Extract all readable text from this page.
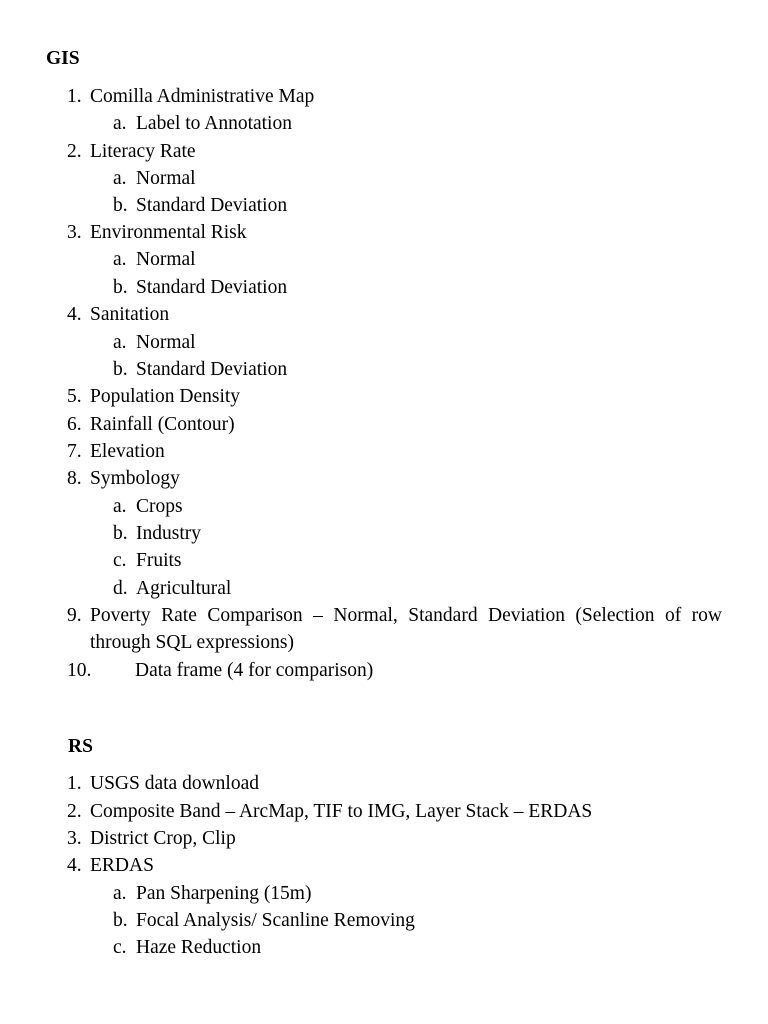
GIS
1. Comilla Administrative Map
a. Label to Annotation
2. Literacy Rate
a. Normal
b. Standard Deviation
3. Environmental Risk
a. Normal
b. Standard Deviation
4. Sanitation
a. Normal
b. Standard Deviation
5. Population Density
6. Rainfall (Contour)
7. Elevation
8. Symbology
a. Crops
b. Industry
c. Fruits
d. Agricultural
9. Poverty Rate Comparison – Normal, Standard Deviation (Selection of row through SQL expressions)
10. Data frame (4 for comparison)
RS
1. USGS data download
2. Composite Band – ArcMap, TIF to IMG, Layer Stack – ERDAS
3. District Crop, Clip
4. ERDAS
a. Pan Sharpening (15m)
b. Focal Analysis/ Scanline Removing
c. Haze Reduction
